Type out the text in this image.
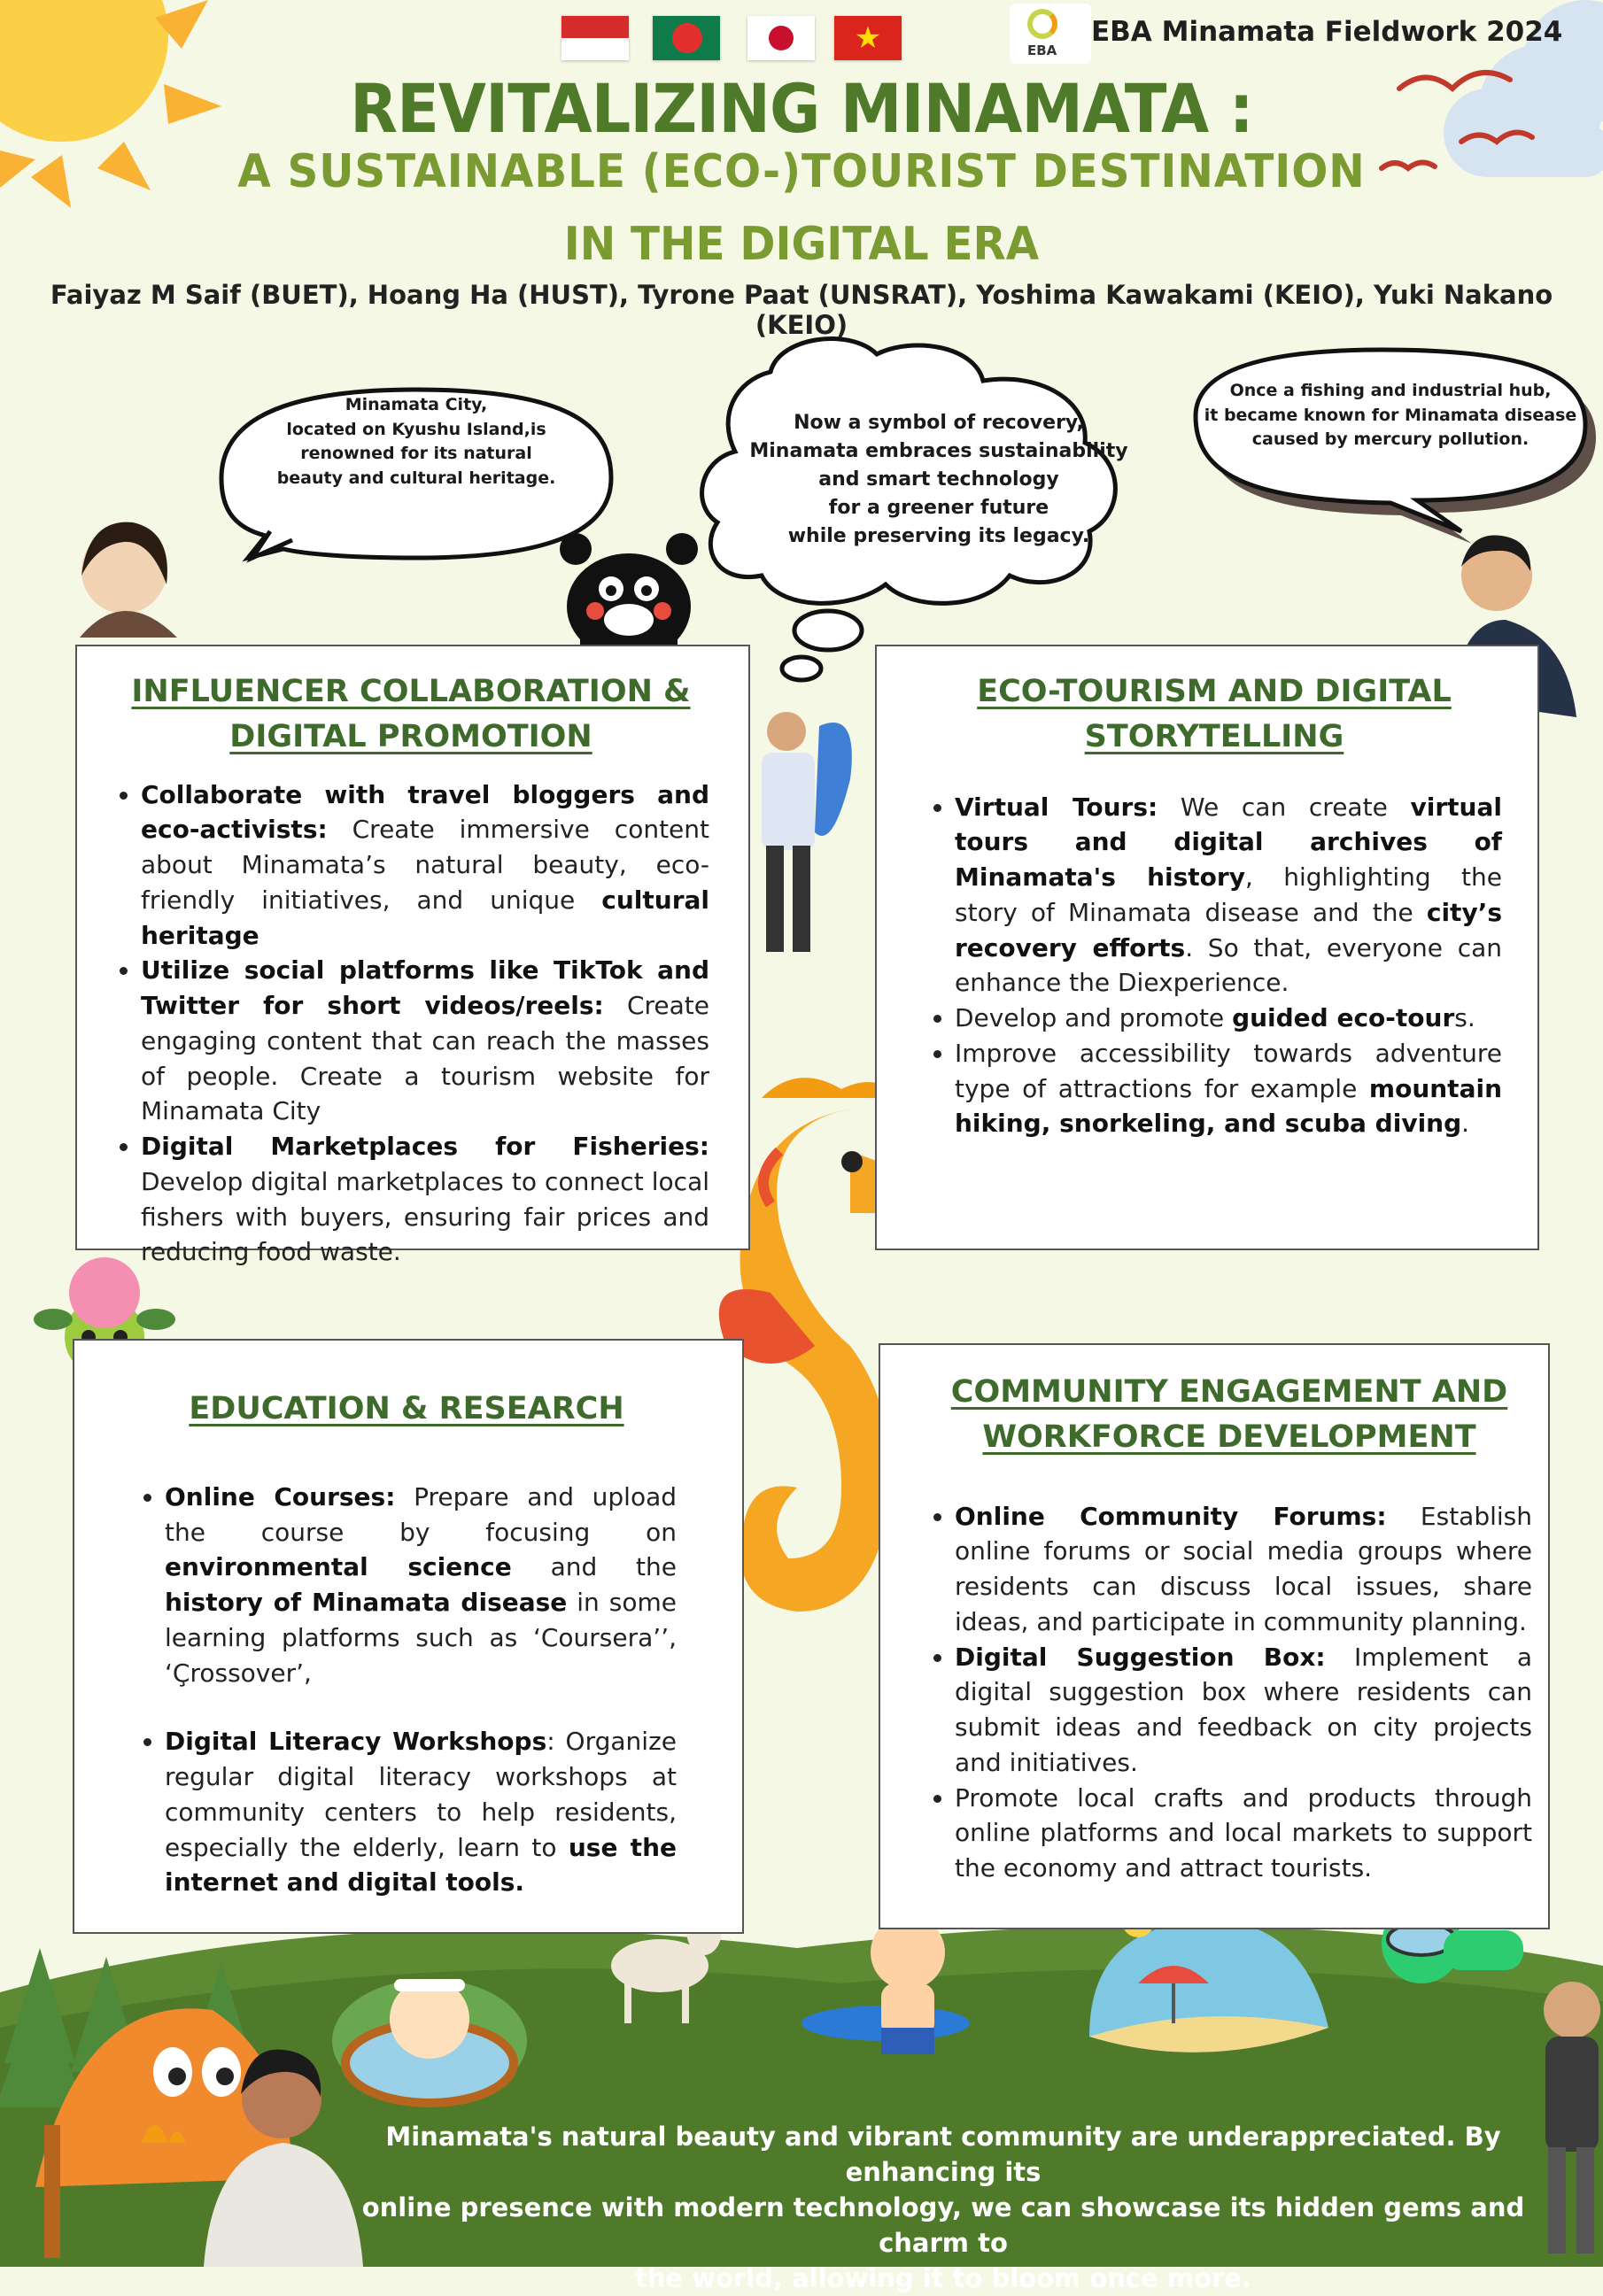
★	EBA
EBA Minamata Fieldwork 2024
REVITALIZING MINAMATA :
A SUSTAINABLE (ECO-)TOURIST DESTINATION
IN THE DIGITAL ERA
Faiyaz M Saif (BUET), Hoang Ha (HUST), Tyrone Paat (UNSRAT), Yoshima Kawakami (KEIO), Yuki Nakano (KEIO)
Minamata City,
located on Kyushu Island,is
renowned for its natural
beauty and cultural heritage.
Now a symbol of recovery,
Minamata embraces sustainability
and smart technology
for a greener future
while preserving its legacy.
Once a fishing and industrial hub,
it became known for Minamata disease
caused by mercury pollution.
INFLUENCER COLLABORATION &
DIGITAL PROMOTION
• Collaborate with travel bloggers and eco-activists: Create immersive content about Minamata’s natural beauty, eco-friendly initiatives, and unique cultural heritage
• Utilize social platforms like TikTok and Twitter for short videos/reels: Create engaging content that can reach the masses of people. Create a tourism website for Minamata City
• Digital Marketplaces for Fisheries: Develop digital marketplaces to connect local fishers with buyers, ensuring fair prices and reducing food waste.
ECO-TOURISM AND DIGITAL
STORYTELLING
• Virtual Tours: We can create virtual tours and digital archives of Minamata's history, highlighting the story of Minamata disease and the city’s recovery efforts. So that, everyone can enhance the Diexperience.
• Develop and promote guided eco-tours.
• Improve accessibility towards adventure type of attractions for example mountain hiking, snorkeling, and scuba diving.
EDUCATION & RESEARCH
• Online Courses: Prepare and upload the course by focusing on environmental science and the history of Minamata disease in some learning platforms such as ‘Coursera’’, ‘Çrossover’,
• Digital Literacy Workshops: Organize regular digital literacy workshops at community centers to help residents, especially the elderly, learn to use the internet and digital tools.
COMMUNITY ENGAGEMENT AND
WORKFORCE DEVELOPMENT
• Online Community Forums: Establish online forums or social media groups where residents can discuss local issues, share ideas, and participate in community planning.
• Digital Suggestion Box: Implement a digital suggestion box where residents can submit ideas and feedback on city projects and initiatives.
• Promote local crafts and products through online platforms and local markets to support the economy and attract tourists.
Minamata's natural beauty and vibrant community are underappreciated. By enhancing its
online presence with modern technology, we can showcase its hidden gems and charm to
the world, allowing it to bloom once more.
